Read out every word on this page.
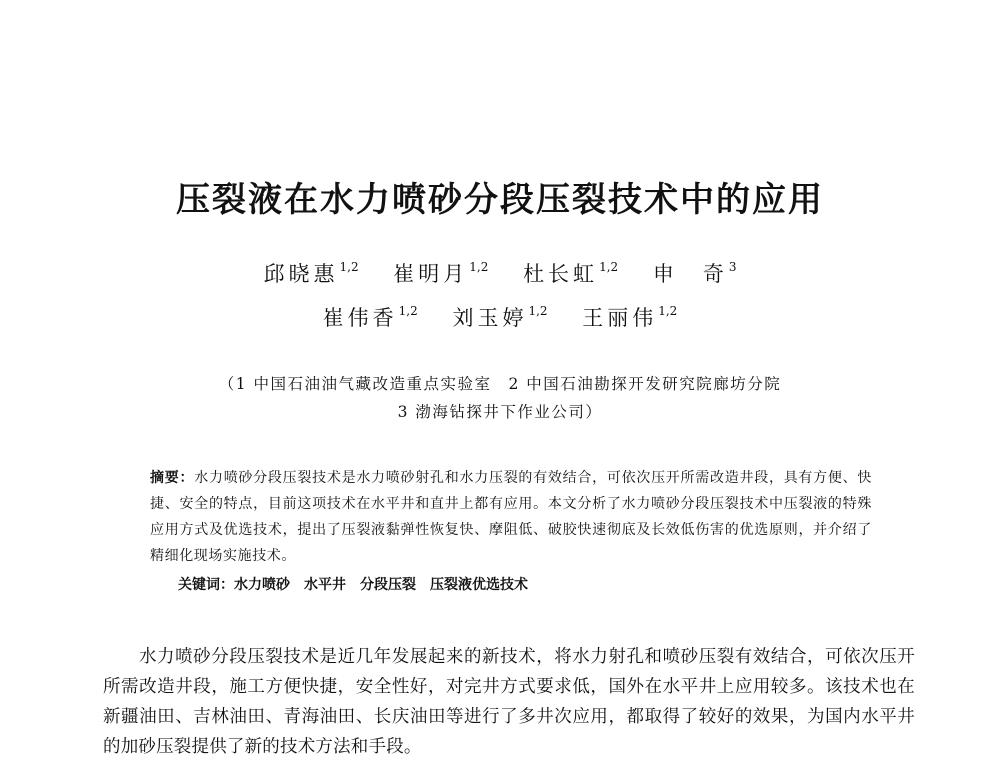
压裂液在水力喷砂分段压裂技术中的应用
邱晓惠$^{1,2}$ 崔明月$^{1,2}$ 杜长虹$^{1,2}$ 申　奇$^3$
崔伟香$^{1,2}$ 刘玉婷$^{1,2}$ 王丽伟$^{1,2}$
（1 中国石油油气藏改造重点实验室　2 中国石油勘探开发研究院廊坊分院
3 渤海钻探井下作业公司）
摘要：水力喷砂分段压裂技术是水力喷砂射孔和水力压裂的有效结合，可依次压开所需改造井段，具有方便、快捷、安全的特点，目前这项技术在水平井和直井上都有应用。本文分析了水力喷砂分段压裂技术中压裂液的特殊应用方式及优选技术，提出了压裂液黏弹性恢复快、摩阻低、破胶快速彻底及长效低伤害的优选原则，并介绍了精细化现场实施技术。
关键词：水力喷砂 水平井 分段压裂 压裂液优选技术

水力喷砂分段压裂技术是近几年发展起来的新技术，将水力射孔和喷砂压裂有效结合，可依次压开所需改造井段，施工方便快捷，安全性好，对完井方式要求低，国外在水平井上应用较多。该技术也在新疆油田、吉林油田、青海油田、长庆油田等进行了多井次应用，都取得了较好的效果，为国内水平井的加砂压裂提供了新的技术方法和手段。
